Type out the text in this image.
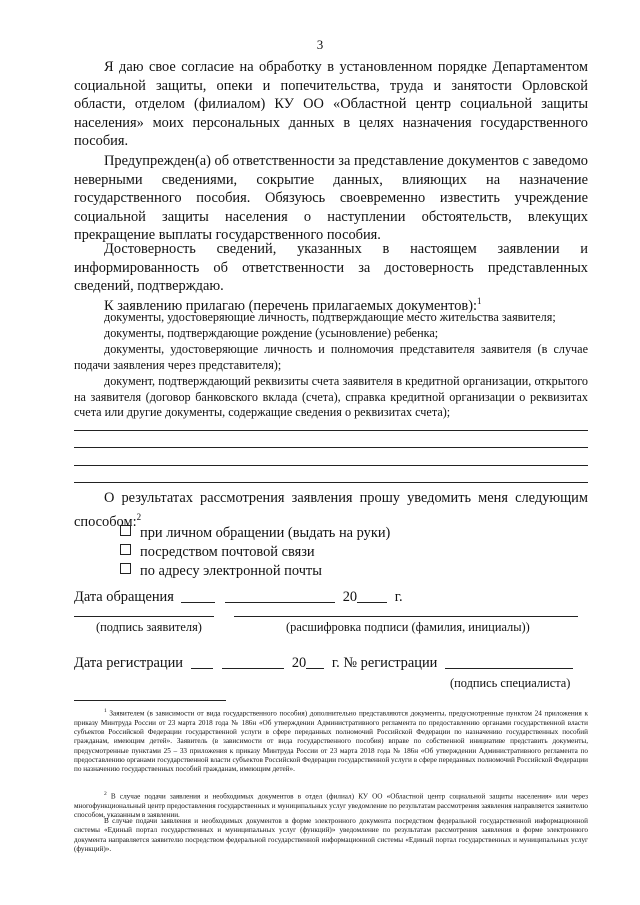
3
Я даю свое согласие на обработку в установленном порядке Департаментом социальной защиты, опеки и попечительства, труда и занятости Орловской области, отделом (филиалом) КУ ОО «Областной центр социальной защиты населения» моих персональных данных в целях назначения государственного пособия.
Предупрежден(а) об ответственности за представление документов с заведомо неверными сведениями, сокрытие данных, влияющих на назначение государственного пособия. Обязуюсь своевременно известить учреждение социальной защиты населения о наступлении обстоятельств, влекущих прекращение выплаты государственного пособия.
Достоверность сведений, указанных в настоящем заявлении и информированность об ответственности за достоверность представленных сведений, подтверждаю.
К заявлению прилагаю (перечень прилагаемых документов):$^1$
документы, удостоверяющие личность, подтверждающие место жительства заявителя;
документы, подтверждающие рождение (усыновление) ребенка;
документы, удостоверяющие личность и полномочия представителя заявителя (в случае подачи заявления через представителя);
документ, подтверждающий реквизиты счета заявителя в кредитной организации, открытого на заявителя (договор банковского вклада (счета), справка кредитной организации о реквизитах счета или другие документы, содержащие сведения о реквизитах счета);
О результатах рассмотрения заявления прошу уведомить меня следующим способом:$^2$
при личном обращении (выдать на руки)
посредством почтовой связи
по адресу электронной почты
Дата обращения	20	г.
(подпись заявителя)	(расшифровка подписи (фамилия, инициалы))
Дата регистрации	20 г. № регистрации
(подпись специалиста)
$^1$ Заявителем (в зависимости от вида государственного пособия) дополнительно представляются документы, предусмотренные пунктом 24 приложения к приказу Минтруда России от 23 марта 2018 года № 186н «Об утверждении Административного регламента по предоставлению органами государственной власти субъектов Российской Федерации государственной услуги в сфере переданных полномочий Российской Федерации по назначению государственных пособий гражданам, имеющим детей». Заявитель (в зависимости от вида государственного пособия) вправе по собственной инициативе представить документы, предусмотренные пунктами 25 – 33 приложения к приказу Минтруда России от 23 марта 2018 года № 186н «Об утверждении Административного регламента по предоставлению органами государственной власти субъектов Российской Федерации государственной услуги в сфере переданных полномочий Российской Федерации по назначению государственных пособий гражданам, имеющим детей».
$^2$ В случае подачи заявления и необходимых документов в отдел (филиал) КУ ОО «Областной центр социальной защиты населения» или через многофункциональный центр предоставления государственных и муниципальных услуг уведомление по результатам рассмотрения заявления направляется заявителю способом, указанным в заявлении.
В случае подачи заявления и необходимых документов в форме электронного документа посредством федеральной государственной информационной системы «Единый портал государственных и муниципальных услуг (функций)» уведомление по результатам рассмотрения заявления в форме электронного документа направляется заявителю посредством федеральной государственной информационной системы «Единый портал государственных и муниципальных услуг (функций)».
